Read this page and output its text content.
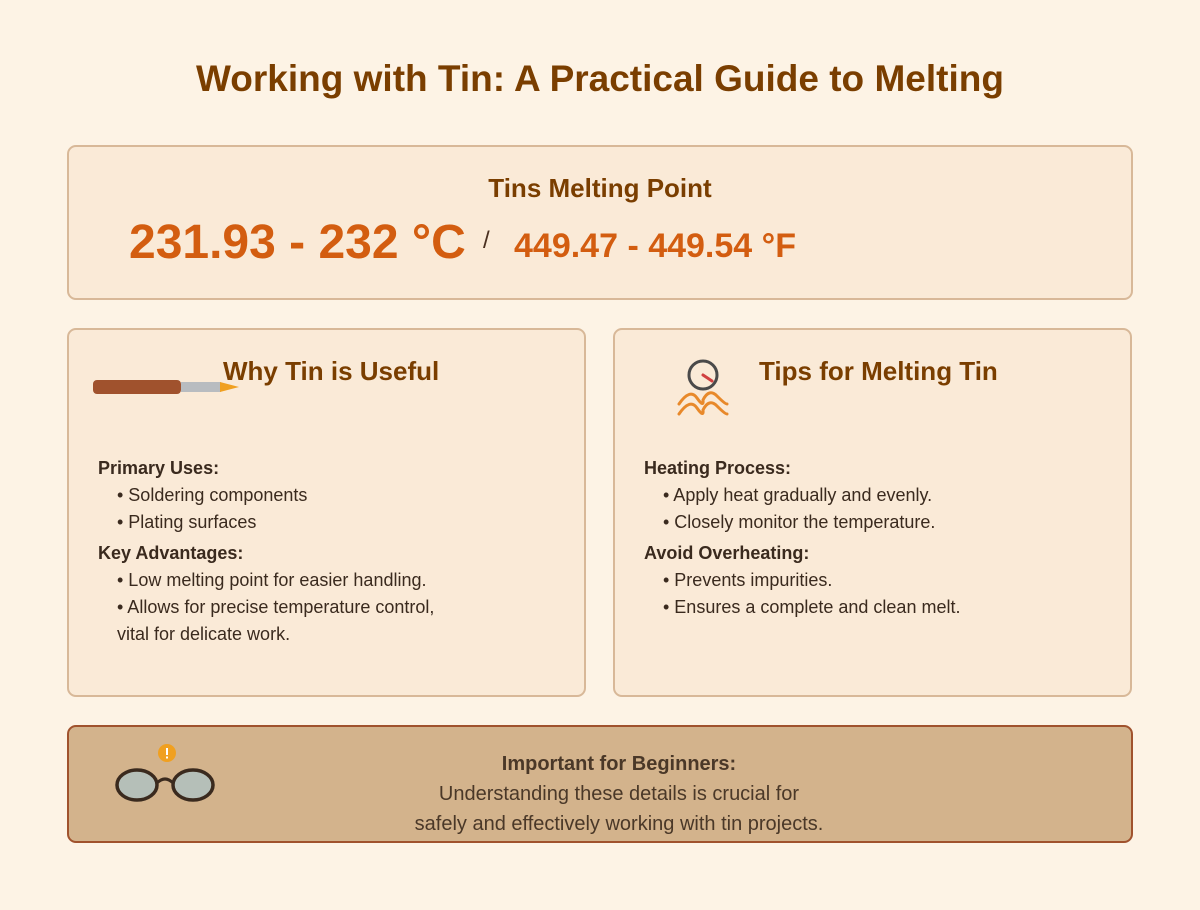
Working with Tin: A Practical Guide to Melting
Tins Melting Point
231.93 - 232 °C / 449.47 - 449.54 °F
Why Tin is Useful
Primary Uses:
• Soldering components
• Plating surfaces
Key Advantages:
• Low melting point for easier handling.
• Allows for precise temperature control,
vital for delicate work.
Tips for Melting Tin
Heating Process:
• Apply heat gradually and evenly.
• Closely monitor the temperature.
Avoid Overheating:
• Prevents impurities.
• Ensures a complete and clean melt.
Important for Beginners:
Understanding these details is crucial for
safely and effectively working with tin projects.
